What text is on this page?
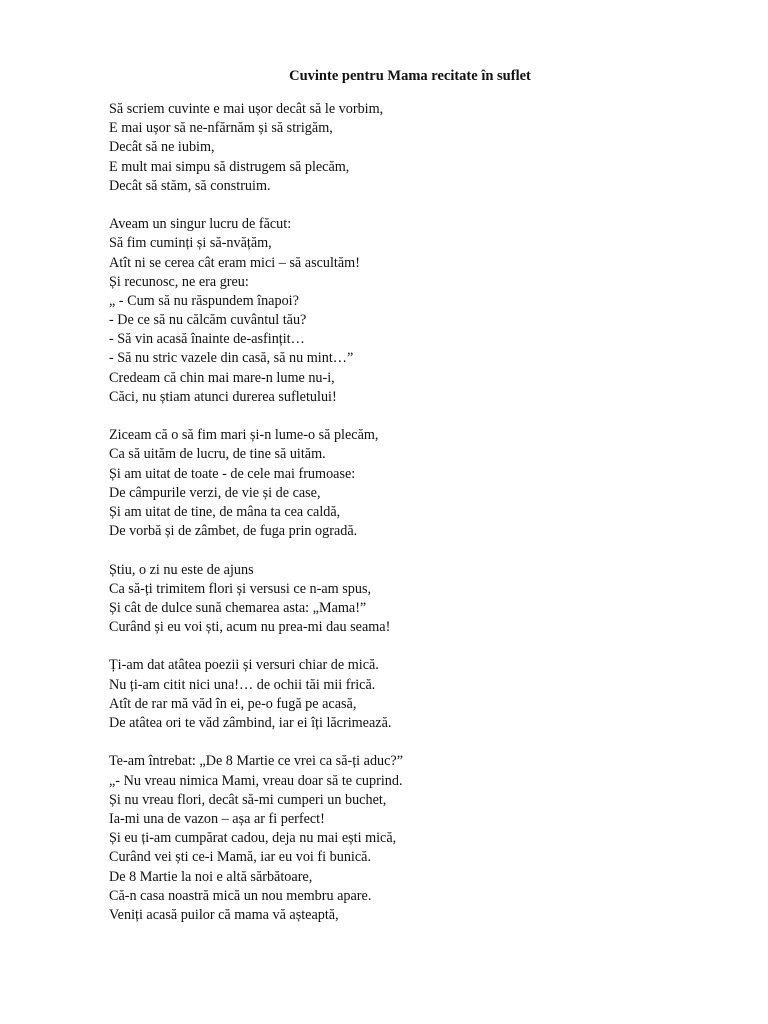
Cuvinte pentru Mama recitate în suflet
Să scriem cuvinte e mai ușor decât să le vorbim,
E mai ușor să ne-nfărnăm și să strigăm,
Decât să ne iubim,
E mult mai simpu să distrugem să plecăm,
Decât să stăm, să construim.
Aveam un singur lucru de făcut:
Să fim cuminți și să-nvățăm,
Atît ni se cerea cât eram mici – să ascultăm!
Și recunosc, ne era greu:
„ - Cum să nu răspundem înapoi?
- De ce să nu călcăm cuvântul tău?
- Să vin acasă înainte de-asfințit…
- Să nu stric vazele din casă, să nu mint…”
Credeam că chin mai mare-n lume nu-i,
Căci, nu știam atunci durerea sufletului!
Ziceam că o să fim mari și-n lume-o să plecăm,
Ca să uităm de lucru, de tine să uităm.
Și am uitat de toate - de cele mai frumoase:
De câmpurile verzi, de vie și de case,
Și am uitat de tine, de mâna ta cea caldă,
De vorbă și de zâmbet, de fuga prin ogradă.
Știu, o zi nu este de ajuns
Ca să-ți trimitem flori și versusi ce n-am spus,
Și cât de dulce sună chemarea asta: „Mama!”
Curând și eu voi ști, acum nu prea-mi dau seama!
Ți-am dat atâtea poezii și versuri chiar de mică.
Nu ți-am citit nici una!… de ochii tăi mii frică.
Atît de rar mă văd în ei, pe-o fugă pe acasă,
De atâtea ori te văd zâmbind, iar ei îți lăcrimează.
Te-am întrebat: „De 8 Martie ce vrei ca să-ți aduc?”
„- Nu vreau nimica Mami, vreau doar să te cuprind.
Și nu vreau flori, decât să-mi cumperi un buchet,
Ia-mi una de vazon – așa ar fi perfect!
Și eu ți-am cumpărat cadou, deja nu mai ești mică,
Curând vei ști ce-i Mamă, iar eu voi fi bunică.
De 8 Martie la noi e altă sărbătoare,
Că-n casa noastră mică un nou membru apare.
Veniți acasă puilor că mama vă așteaptă,
